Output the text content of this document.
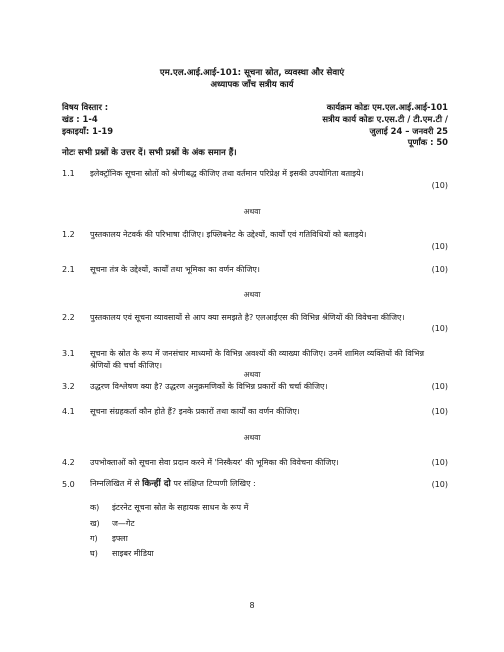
एम.एल.आई.आई-101: सूचना स्रोत, व्यवस्था और सेवाएं
अध्यापक जाँच सत्रीय कार्य
विषय विस्तार :
खंड : 1-4
इकाइयाँ: 1-19
कार्यक्रम कोडः एम.एल.आई.आई-101
सत्रीय कार्य कोडः ए.एस.टी / टी.एम.टी /
जुलाई 24 – जनवरी 25
पूर्णांक : 50
नोटः सभी प्रश्नों के उत्तर दें। सभी प्रश्नों के अंक समान हैं।
1.1 इलेक्ट्रॉनिक सूचना स्रोतों को श्रेणीबद्ध कीजिए तथा वर्तमान परिप्रेक्ष में इसकी उपयोगिता बताइये।
(10)
अथवा
1.2 पुस्तकालय नेटवर्क की परिभाषा दीजिए। इफ्लिबनेट के उद्देश्यों, कार्यों एवं गतिविधियों को बताइये।
(10)
2.1 सूचना तंत्र के उद्देश्यों, कार्यों तथा भूमिका का वर्णन कीजिए।	(10)
अथवा
2.2 पुस्तकालय एवं सूचना व्यावसायों से आप क्या समझते है? एलआईएस की विभिन्न श्रेणियों की विवेचना कीजिए।
(10)
3.1 सूचना के स्रोत के रूप में जनसंचार माध्यमों के विभिन्न अवश्यों की व्याख्या कीजिए। उनमें शामिल व्यक्तियों की विभिन्न श्रेणियों की चर्चा कीजिए।
अथवा
3.2 उद्धरण विश्लेषण क्या है? उद्धरण अनुक्रमणिकों के विभिन्न प्रकारों की चर्चा कीजिए।	(10)
4.1 सूचना संग्रहकर्ता कौन होते हैं? इनके प्रकारों तथा कार्यों का वर्णन कीजिए।	(10)
अथवा
4.2 उपभोक्ताओं को सूचना सेवा प्रदान करने में 'निस्कैयर' की भूमिका की विवेचना कीजिए।	(10)
5.0 निम्नलिखित में से किन्हीं दो पर संक्षिप्त टिप्पणी लिखिए :	(10)
क) इंटरनेट सूचना स्रोत के सहायक साधन के रूप में
ख) ज—गेट
ग) इफ्ला
घ) साइबर मीडिया
8
